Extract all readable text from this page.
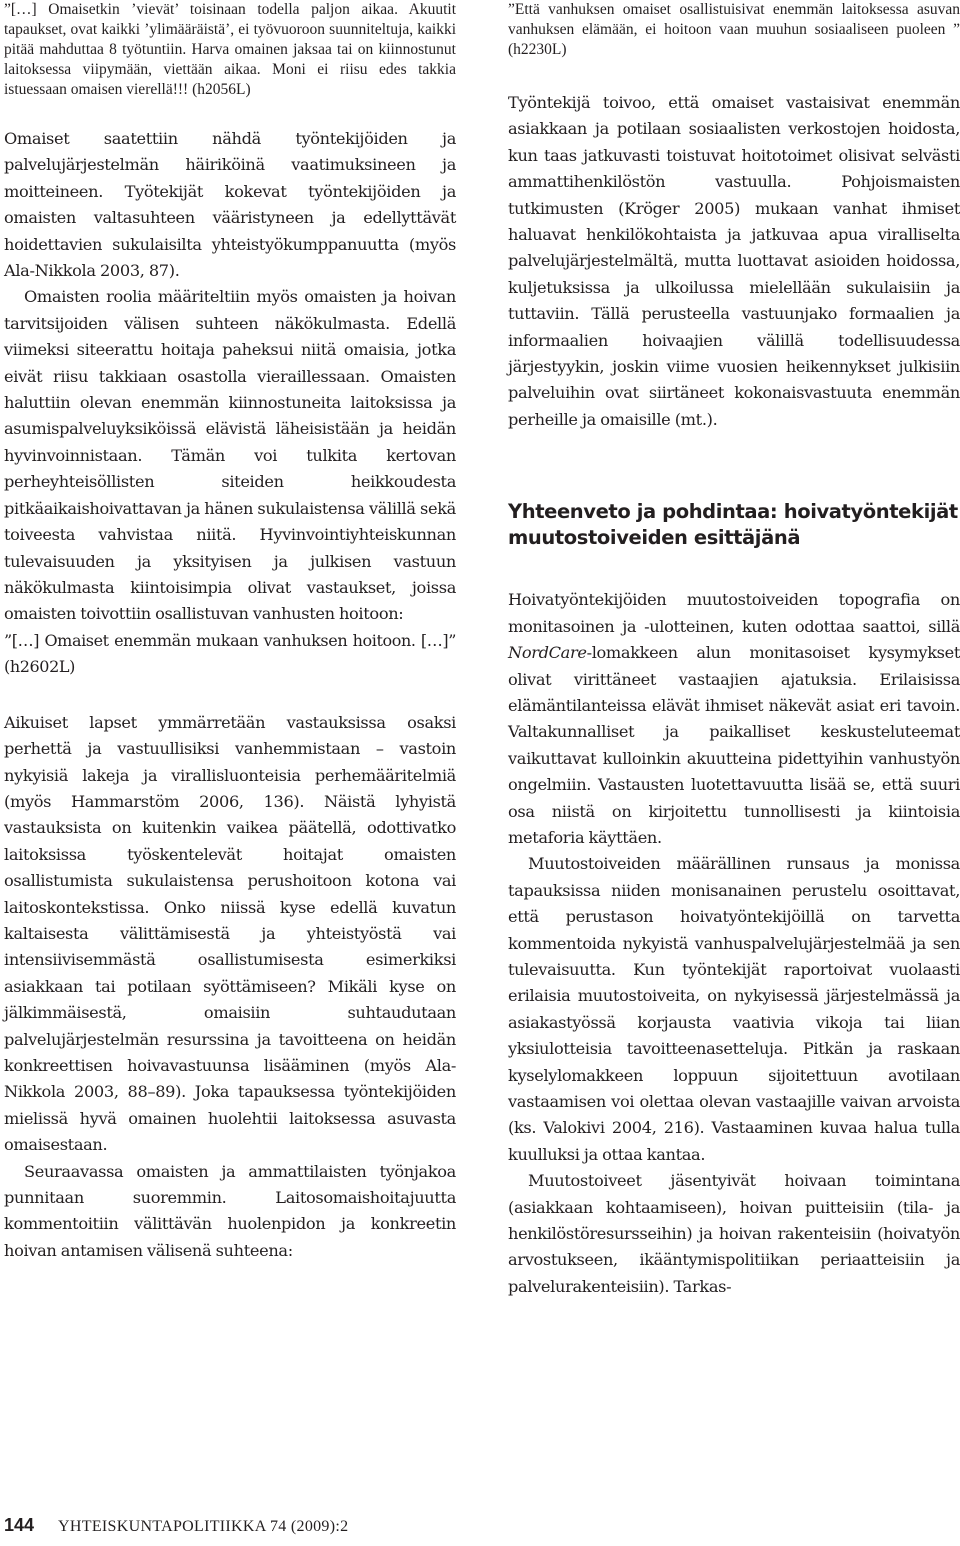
”[…] Omaisetkin ’vievät’ toisinaan todella paljon aikaa. Akuutit tapaukset, ovat kaikki ’ylimääräistä’, ei työvuoroon suunniteltuja, kaikki pitää mahduttaa 8 työtuntiin. Harva omainen jaksaa tai on kiinnostunut laitoksessa viipymään, viettään aikaa. Moni ei riisu edes takkia istuessaan omaisen vierellä!!! (h2056L)

Omaiset saatettiin nähdä työntekijöiden ja palvelujärjestelmän häiriköinä vaatimuksineen ja moitteineen. Työtekijät kokevat työntekijöiden ja omaisten valtasuhteen vääristyneen ja edellyttävät hoidettavien sukulaisilta yhteistyökumppanuutta (myös Ala-Nikkola 2003, 87).

Omaisten roolia määriteltiin myös omaisten ja hoivan tarvitsijoiden välisen suhteen näkökulmasta. Edellä viimeksi siteerattu hoitaja paheksui niitä omaisia, jotka eivät riisu takkiaan osastolla vieraillessaan. Omaisten haluttiin olevan enemmän kiinnostuneita laitoksissa ja asumispalveluyksiköissä elävistä läheisistään ja heidän hyvinvoinnistaan. Tämän voi tulkita kertovan perheyhteisöllisten siteiden heikkoudesta pitkäaikaishoivattavan ja hänen sukulaistensa välillä sekä toiveesta vahvistaa niitä. Hyvinvointiyhteiskunnan tulevaisuuden ja yksityisen ja julkisen vastuun näkökulmasta kiintoisimpia olivat vastaukset, joissa omaisten toivottiin osallistuvan vanhusten hoitoon:

”[…] Omaiset enemmän mukaan vanhuksen hoitoon. […]” (h2602L)

Aikuiset lapset ymmärretään vastauksissa osaksi perhettä ja vastuullisiksi vanhemmistaan – vastoin nykyisiä lakeja ja virallisluonteisia perhemääritelmiä (myös Hammarstöm 2006, 136). Näistä lyhyistä vastauksista on kuitenkin vaikea päätellä, odottivatko laitoksissa työskentelevät hoitajat omaisten osallistumista sukulaistensa perushoitoon kotona vai laitoskontekstissa. Onko niissä kyse edellä kuvatun kaltaisesta välittämisestä ja yhteistyöstä vai intensiivisemmästä osallistumisesta esimerkiksi asiakkaan tai potilaan syöttämiseen? Mikäli kyse on jälkimmäisestä, omaisiin suhtaudutaan palvelujärjestelmän resurssina ja tavoitteena on heidän konkreettisen hoivavastuunsa lisääminen (myös Ala-Nikkola 2003, 88–89). Joka tapauksessa työntekijöiden mielissä hyvä omainen huolehtii laitoksessa asuvasta omaisestaan.

Seuraavassa omaisten ja ammattilaisten työnjakoa punnitaan suoremmin. Laitosomaishoitajuutta kommentoitiin välittävän huolenpidon ja konkreetin hoivan antamisen välisenä suhteena:

”Että vanhuksen omaiset osallistuisivat enemmän laitoksessa asuvan vanhuksen elämään, ei hoitoon vaan muuhun sosiaaliseen puoleen ” (h2230L)

Työntekijä toivoo, että omaiset vastaisivat enemmän asiakkaan ja potilaan sosiaalisten verkostojen hoidosta, kun taas jatkuvasti toistuvat hoitotoimet olisivat selvästi ammattihenkilöstön vastuulla. Pohjoismaisten tutkimusten (Kröger 2005) mukaan vanhat ihmiset haluavat henkilökohtaista ja jatkuvaa apua viralliselta palvelujärjestelmältä, mutta luottavat asioiden hoidossa, kuljetuksissa ja ulkoilussa mielellään sukulaisiin ja tuttaviin. Tällä perusteella vastuunjako formaalien ja informaalien hoivaajien välillä todellisuudessa järjestyykin, joskin viime vuosien heikennykset julkisiin palveluihin ovat siirtäneet kokonaisvastuuta enemmän perheille ja omaisille (mt.).

Yhteenveto ja pohdintaa: hoivatyöntekijät muutostoiveiden esittäjänä

Hoivatyöntekijöiden muutostoiveiden topografia on monitasoinen ja -ulotteinen, kuten odottaa saattoi, sillä NordCare-lomakkeen alun monitasoiset kysymykset olivat virittäneet vastaajien ajatuksia. Erilaisissa elämäntilanteissa elävät ihmiset näkevät asiat eri tavoin. Valtakunnalliset ja paikalliset keskusteluteemat vaikuttavat kulloinkin akuutteina pidettyihin vanhustyön ongelmiin. Vastausten luotettavuutta lisää se, että suuri osa niistä on kirjoitettu tunnollisesti ja kiintoisia metaforia käyttäen.

Muutostoiveiden määrällinen runsaus ja monissa tapauksissa niiden monisanainen perustelu osoittavat, että perustason hoivatyöntekijöillä on tarvetta kommentoida nykyistä vanhuspalvelujärjestelmää ja sen tulevaisuutta. Kun työntekijät raportoivat vuolaasti erilaisia muutostoiveita, on nykyisessä järjestelmässä ja asiakastyössä korjausta vaativia vikoja tai liian yksiulotteisia tavoitteenasetteluja. Pitkän ja raskaan kyselylomakkeen loppuun sijoitettuun avotilaan vastaamisen voi olettaa olevan vastaajille vaivan arvoista (ks. Valokivi 2004, 216). Vastaaminen kuvaa halua tulla kuulluksi ja ottaa kantaa.

Muutostoiveet jäsentyivät hoivaan toimintana (asiakkaan kohtaamiseen), hoivan puitteisiin (tila- ja henkilöstöresursseihin) ja hoivan rakenteisiin (hoivatyön arvostukseen, ikääntymispolitiikan periaatteisiin ja palvelurakenteisiin). Tarkas-

144 YHTEISKUNTAPOLITIIKKA 74 (2009):2
